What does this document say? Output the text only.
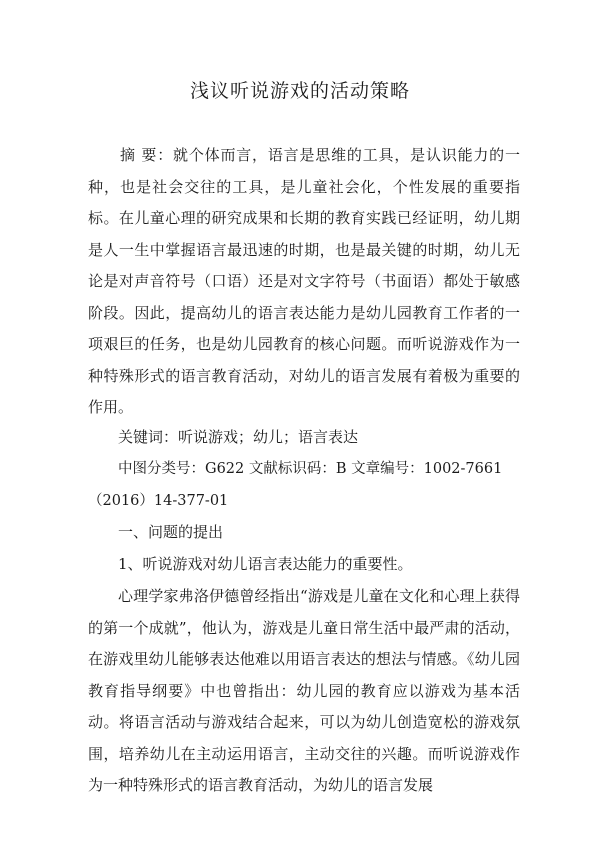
浅议听说游戏的活动策略

摘 要：就个体而言，语言是思维的工具，是认识能力的一种，也是社会交往的工具，是儿童社会化，个性发展的重要指标。在儿童心理的研究成果和长期的教育实践已经证明，幼儿期是人一生中掌握语言最迅速的时期，也是最关键的时期，幼儿无论是对声音符号（口语）还是对文字符号（书面语）都处于敏感阶段。因此，提高幼儿的语言表达能力是幼儿园教育工作者的一项艰巨的任务，也是幼儿园教育的核心问题。而听说游戏作为一种特殊形式的语言教育活动，对幼儿的语言发展有着极为重要的作用。

关键词：听说游戏；幼儿；语言表达

中图分类号：G622 文献标识码：B 文章编号：1002-7661（2016）14-377-01

一、问题的提出

1、听说游戏对幼儿语言表达能力的重要性。

心理学家弗洛伊德曾经指出“游戏是儿童在文化和心理上获得的第一个成就”，他认为，游戏是儿童日常生活中最严肃的活动，在游戏里幼儿能够表达他难以用语言表达的想法与情感。《幼儿园教育指导纲要》中也曾指出：幼儿园的教育应以游戏为基本活动。将语言活动与游戏结合起来，可以为幼儿创造宽松的游戏氛围，培养幼儿在主动运用语言，主动交往的兴趣。而听说游戏作为一种特殊形式的语言教育活动，为幼儿的语言发展
